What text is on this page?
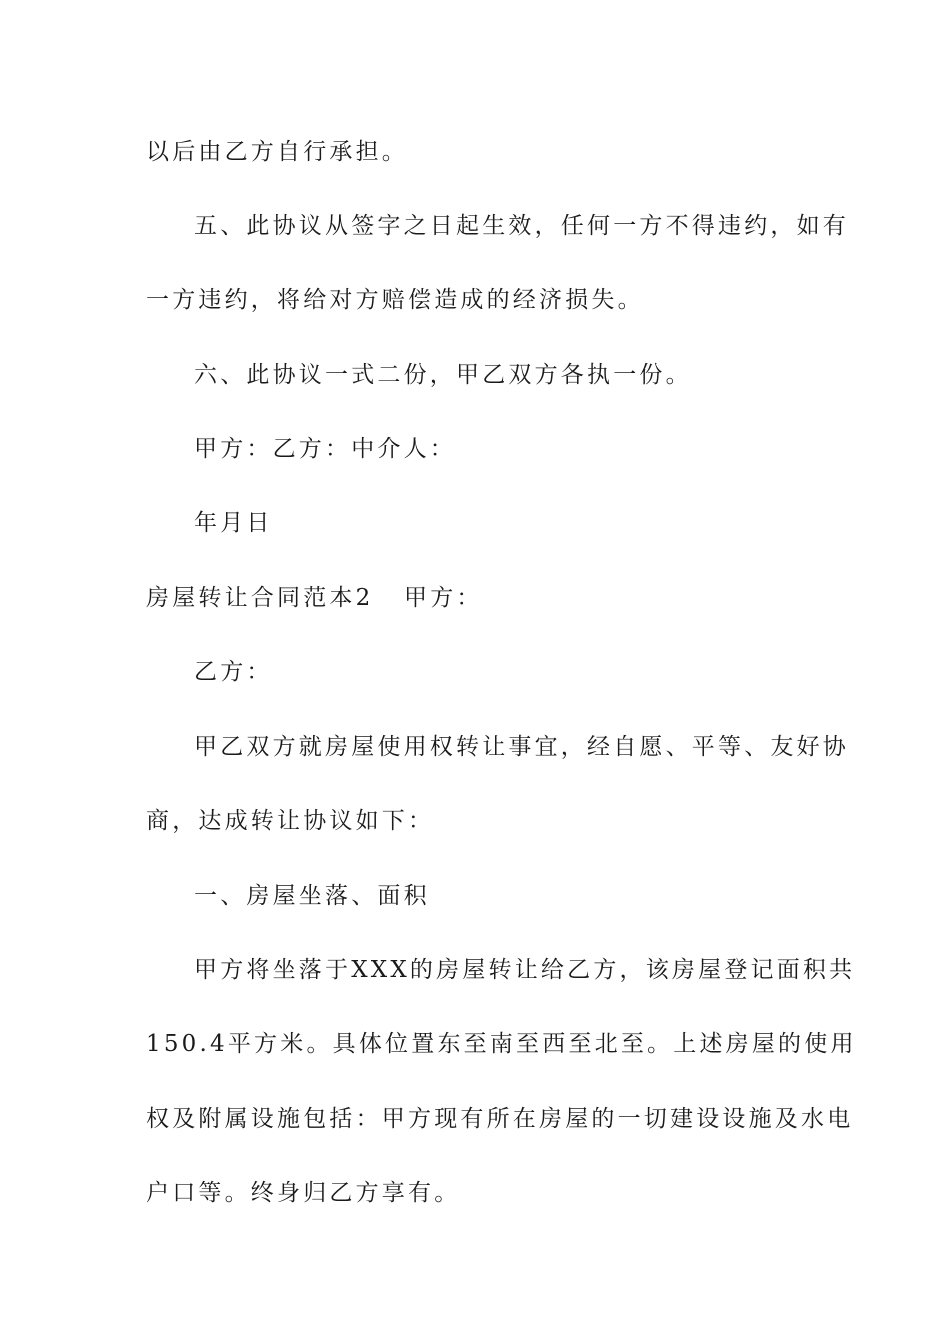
以后由乙方自行承担。
五、此协议从签字之日起生效，任何一方不得违约，如有
一方违约，将给对方赔偿造成的经济损失。
六、此协议一式二份，甲乙双方各执一份。
甲方：乙方：中介人：
年月日
房屋转让合同范本2 甲方：
乙方：
甲乙双方就房屋使用权转让事宜，经自愿、平等、友好协
商，达成转让协议如下：
一、房屋坐落、面积
甲方将坐落于XXX的房屋转让给乙方，该房屋登记面积共
150.4平方米。具体位置东至南至西至北至。上述房屋的使用
权及附属设施包括：甲方现有所在房屋的一切建设设施及水电
户口等。终身归乙方享有。
